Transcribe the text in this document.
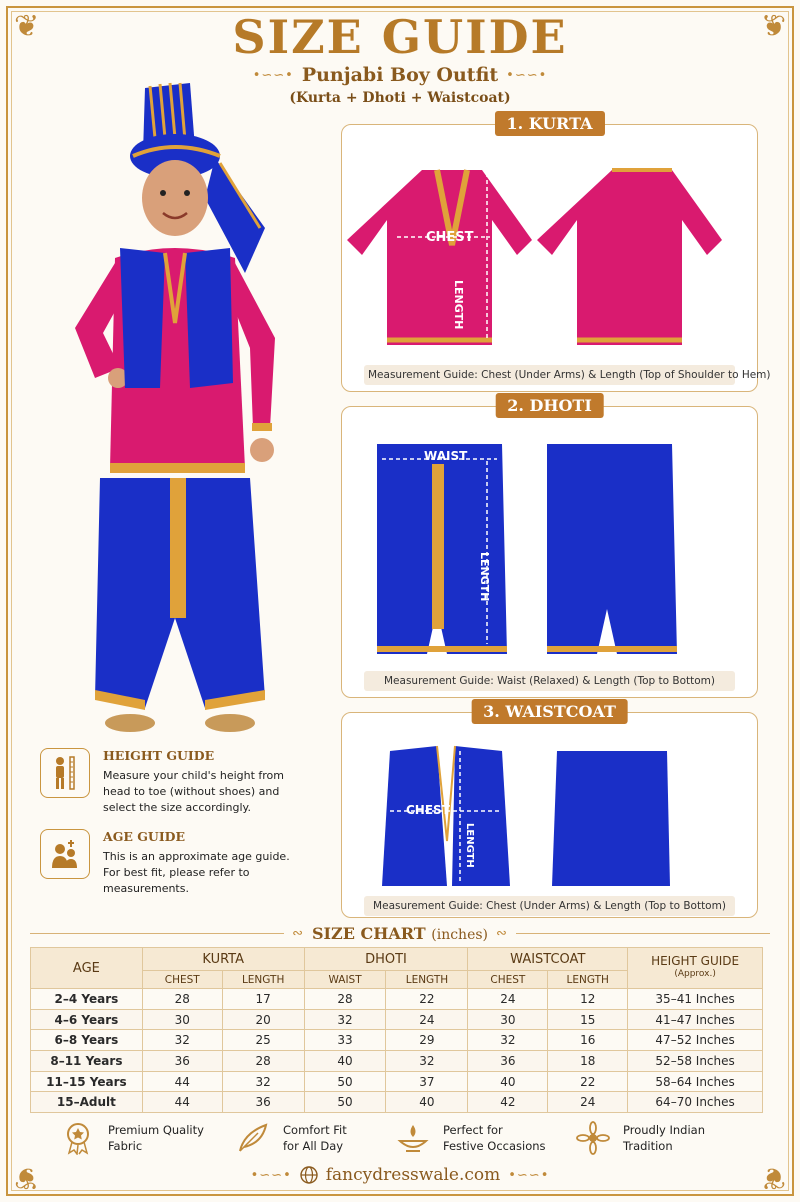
❦	❦
❦	❦
SIZE GUIDE
•∽∽• Punjabi Boy Outfit •∽∽•
(Kurta + Dhoti + Waistcoat)
1. KURTA
CHEST
LENGTH
Measurement Guide: Chest (Under Arms) & Length (Top of Shoulder to Hem)
2. DHOTI
WAIST
LENGTH
Measurement Guide: Waist (Relaxed) & Length (Top to Bottom)
3. WAISTCOAT
CHEST
LENGTH
Measurement Guide: Chest (Under Arms) & Length (Top to Bottom)
HEIGHT GUIDE
Measure your child's height from head to toe (without shoes) and select the size accordingly.
AGE GUIDE
This is an approximate age guide. For best fit, please refer to measurements.
∾ SIZE CHART (inches) ∾
AGE	KURTA		DHOTI		WAISTCOAT		HEIGHT GUIDE
(Approx.)

	CHEST	LENGTH	WAIST	LENGTH	CHEST	LENGTH	
2–4 Years	28	17	28	22	24	12	35–41 Inches
4–6 Years	30	20	32	24	30	15	41–47 Inches
6–8 Years	32	25	33	29	32	16	47–52 Inches
8–11 Years	36	28	40	32	36	18	52–58 Inches
11–15 Years	44	32	50	37	40	22	58–64 Inches
15–Adult	44	36	50	40	42	24	64–70 Inches
Premium Quality
Fabric
Comfort Fit
for All Day
Perfect for
Festive Occasions
Proudly Indian
Tradition
•∽∽• fancydresswale.com •∽∽•
